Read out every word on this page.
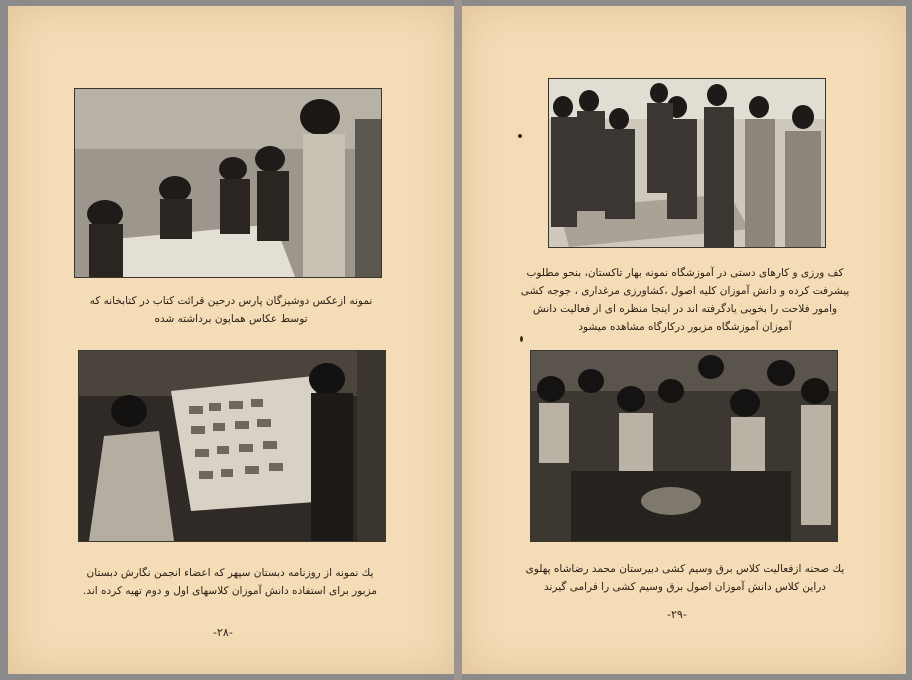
نمونه ازعکس دوشیزگان پارس درحین قرائت کتاب در کتابخانه که
توسط عکاس همایون برداشته شده
یك نمونه از روزنامه دبستان سپهر که اعضاء انجمن نگارش دبستان
مزبور برای استفاده دانش آموزان کلاسهای اول و دوم تهیه کرده اند.
-۲۸-
کف ورزی و کارهای دستی در آموزشگاه نمونه بهار تاکستان، بنحو مطلوب
پیشرفت کرده و دانش آموزان کلیه اصول ،کشاورزی مرغداری ، جوجه کشی
وامور فلاحت را بخوبی یادگرفته اند در اینجا منظره ای از فعالیت دانش
آموزان آموزشگاه مزبور درکارگاه مشاهده میشود
یك صحنه ازفعالیت کلاس برق وسیم کشی دبیرستان محمد رضاشاه پهلوی
دراین کلاس دانش آموزان اصول برق وسیم کشی را فرامی گیرند
-۲۹-
